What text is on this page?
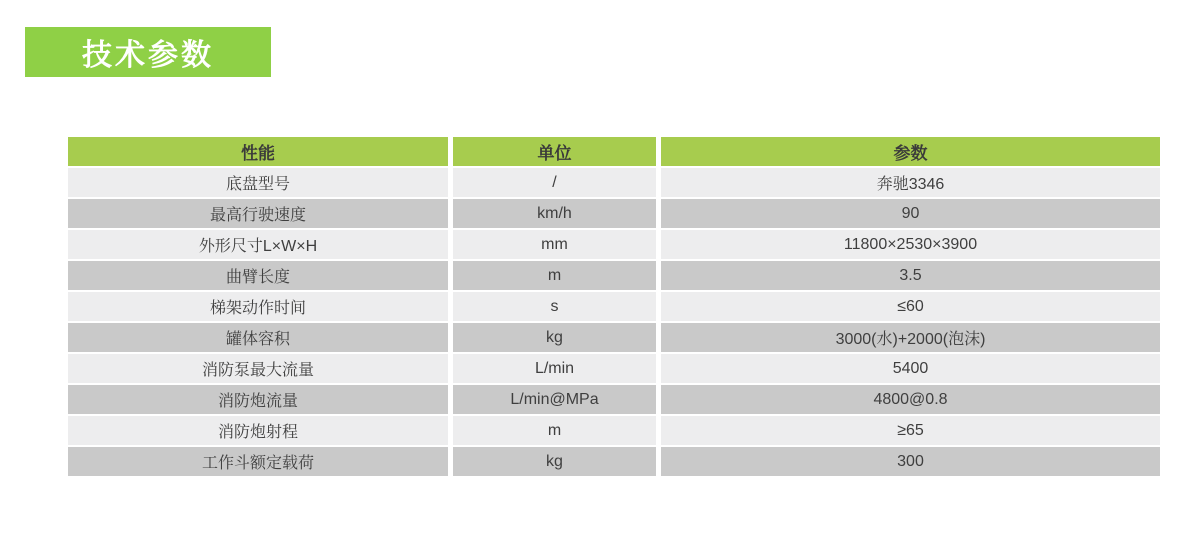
技术参数
性能	单位	参数
底盘型号	/	奔驰3346
最高行驶速度	km/h	90
外形尺寸L×W×H	mm	11800×2530×3900
曲臂长度	m	3.5
梯架动作时间	s	≤60
罐体容积	kg	3000(水)+2000(泡沫)
消防泵最大流量	L/min	5400
消防炮流量	L/min@MPa	4800@0.8
消防炮射程	m	≥65
工作斗额定载荷	kg	300
